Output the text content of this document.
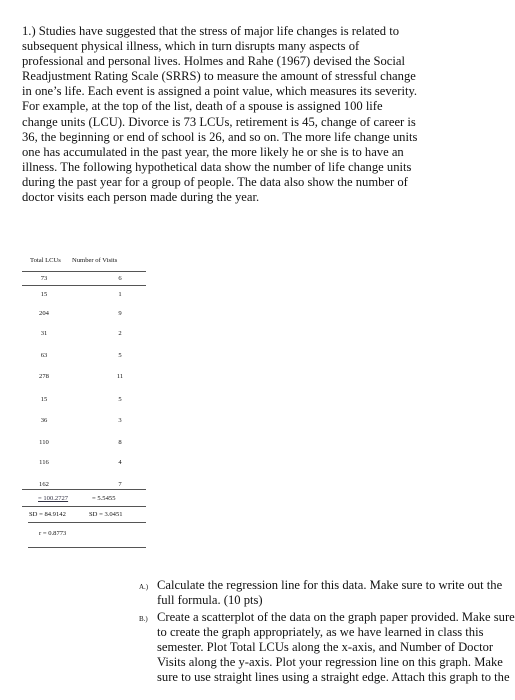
1.) Studies have suggested that the stress of major life changes is related to
subsequent physical illness, which in turn disrupts many aspects of
professional and personal lives. Holmes and Rahe (1967) devised the Social
Readjustment Rating Scale (SRRS) to measure the amount of stressful change
in one’s life. Each event is assigned a point value, which measures its severity.
For example, at the top of the list, death of a spouse is assigned 100 life
change units (LCU). Divorce is 73 LCUs, retirement is 45, change of career is
36, the beginning or end of school is 26, and so on. The more life change units
one has accumulated in the past year, the more likely he or she is to have an
illness. The following hypothetical data show the number of life change units
during the past year for a group of people. The data also show the number of
doctor visits each person made during the year.
Total LCUs Number of Visits
73	6
15	1
204	9
31	2
63	5
278	11
15	5
36	3
110	8
116	4
162	7
= 100.2727	= 5.5455
SD = 84.9142	SD = 3.0451
r = 0.8773
A.) Calculate the regression line for this data. Make sure to write out the
full formula. (10 pts)
B.) Create a scatterplot of the data on the graph paper provided. Make sure
to create the graph appropriately, as we have learned in class this
semester. Plot Total LCUs along the x-axis, and Number of Doctor
Visits along the y-axis. Plot your regression line on this graph. Make
sure to use straight lines using a straight edge. Attach this graph to the
